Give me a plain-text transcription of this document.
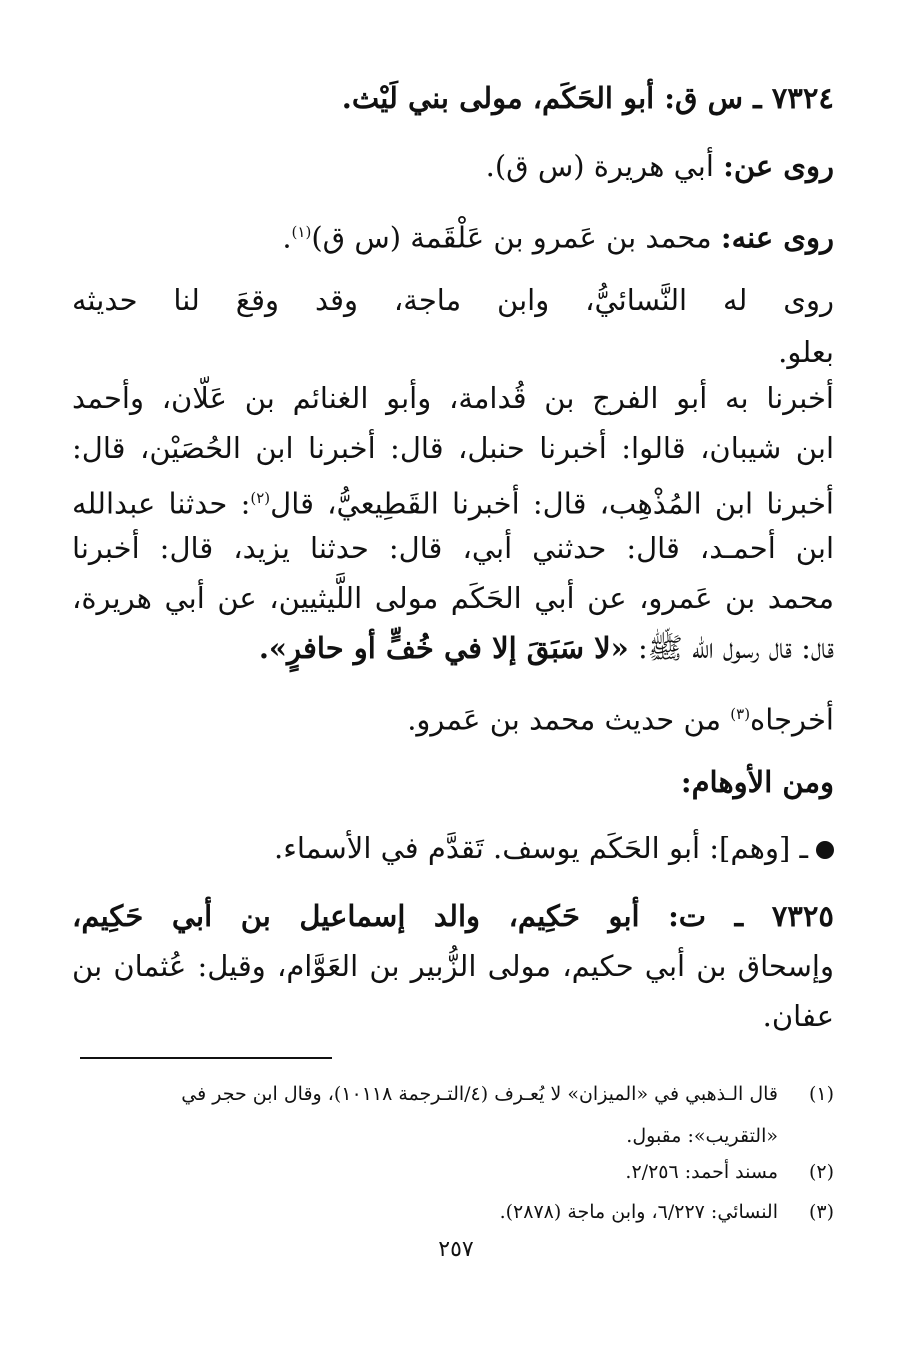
٧٣٢٤ ـ س ق: أبو الحَكَم، مولى بني لَيْث.
روى عن: أبي هريرة (س ق).
روى عنه: محمد بن عَمرو بن عَلْقَمة (س ق)$^{(١)}$.
روى له النَّسائيُّ، وابن ماجة، وقد وقعَ لنا حديثه
بعلو.
أخبرنا به أبو الفرج بن قُدامة، وأبو الغنائم بن عَلّان، وأحمد
ابن شيبان، قالوا: أخبرنا حنبل، قال: أخبرنا ابن الحُصَيْن، قال:
أخبرنا ابن المُذْهِب، قال: أخبرنا القَطِيعيُّ، قال$^{(٢)}$: حدثنا عبدالله
ابن أحمـد، قال: حدثني أبي، قال: حدثنا يزيد، قال: أخبرنا
محمد بن عَمرو، عن أبي الحَكَم مولى اللَّيثيين، عن أبي هريرة،
قال: قال رسول الله ﷺ: «لا سَبَقَ إلا في خُفٍّ أو حافرٍ».
أخرجاه$^{(٣)}$ من حديث محمد بن عَمرو.
ومن الأوهام:
ـ [وهم]: أبو الحَكَم يوسف. تَقدَّم في الأسماء.
٧٣٢٥ ـ ت: أبو حَكِيم، والد إسماعيل بن أبي حَكِيم،
وإسحاق بن أبي حكيم، مولى الزُّبير بن العَوَّام، وقيل: عُثمان بن
عفان.
(١)قال الـذهبي في «الميزان» لا يُعـرف (٤/التـرجمة ١٠١١٨)، وقال ابن حجر في
«التقريب»: مقبول.
(٢)مسند أحمد: ٢/٢٥٦.
(٣)النسائي: ٦/٢٢٧، وابن ماجة (٢٨٧٨).
٢٥٧
